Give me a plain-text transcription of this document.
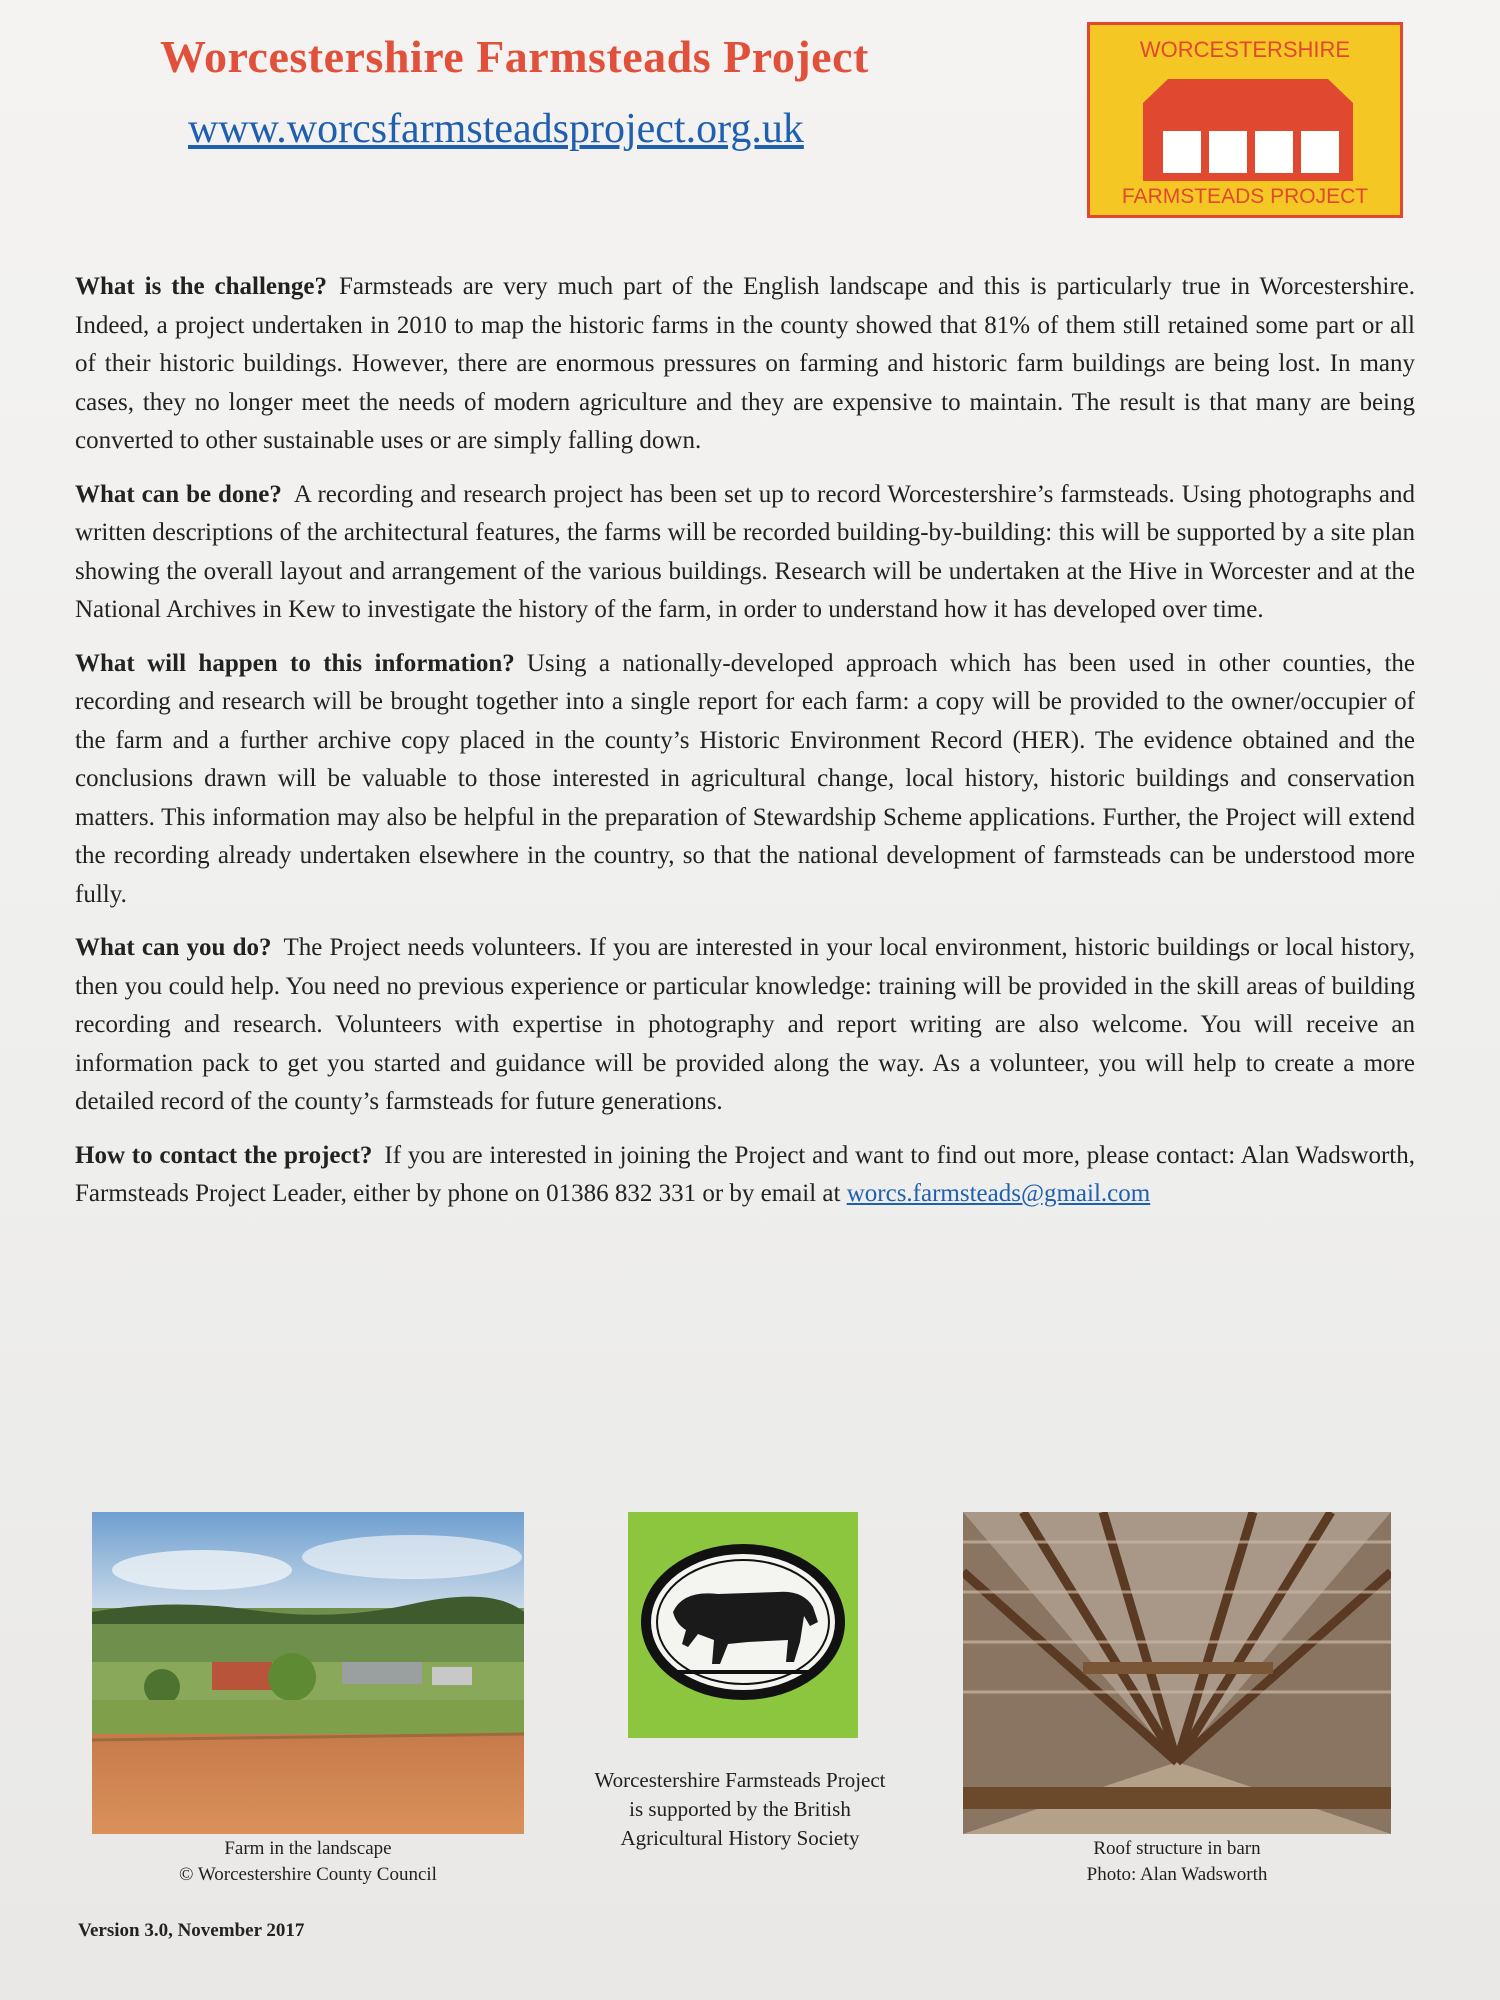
Worcestershire Farmsteads Project
www.worcsfarmsteadsproject.org.uk
WORCESTERSHIRE
FARMSTEADS PROJECT

What is the challenge? Farmsteads are very much part of the English landscape and this is particularly true in Worcestershire. Indeed, a project undertaken in 2010 to map the historic farms in the county showed that 81% of them still retained some part or all of their historic buildings. However, there are enormous pressures on farming and historic farm buildings are being lost. In many cases, they no longer meet the needs of modern agriculture and they are expensive to maintain. The result is that many are being converted to other sustainable uses or are simply falling down.

What can be done? A recording and research project has been set up to record Worcestershire’s farmsteads. Using photographs and written descriptions of the architectural features, the farms will be recorded building-by-building: this will be supported by a site plan showing the overall layout and arrangement of the various buildings. Research will be undertaken at the Hive in Worcester and at the National Archives in Kew to investigate the history of the farm, in order to understand how it has developed over time.

What will happen to this information? Using a nationally-developed approach which has been used in other counties, the recording and research will be brought together into a single report for each farm: a copy will be provided to the owner/occupier of the farm and a further archive copy placed in the county’s Historic Environment Record (HER). The evidence obtained and the conclusions drawn will be valuable to those interested in agricultural change, local history, historic buildings and conservation matters. This information may also be helpful in the preparation of Stewardship Scheme applications. Further, the Project will extend the recording already undertaken elsewhere in the country, so that the national development of farmsteads can be understood more fully.

What can you do? The Project needs volunteers. If you are interested in your local environment, historic buildings or local history, then you could help. You need no previous experience or particular knowledge: training will be provided in the skill areas of building recording and research. Volunteers with expertise in photography and report writing are also welcome. You will receive an information pack to get you started and guidance will be provided along the way. As a volunteer, you will help to create a more detailed record of the county’s farmsteads for future generations.

How to contact the project? If you are interested in joining the Project and want to find out more, please contact: Alan Wadsworth, Farmsteads Project Leader, either by phone on 01386 832 331 or by email at worcs.farmsteads@gmail.com

Farm in the landscape
© Worcestershire County Council
Worcestershire Farmsteads Project
is supported by the British
Agricultural History Society	Roof structure in barn
Photo: Alan Wadsworth
Version 3.0, November 2017
